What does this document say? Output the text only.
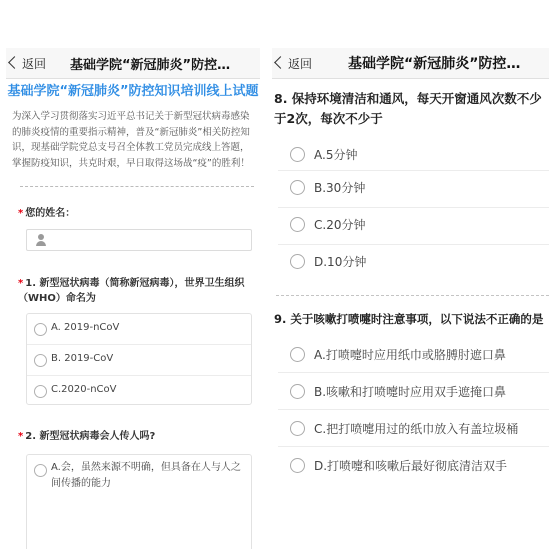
返回 基础学院“新冠肺炎”防控…
基础学院“新冠肺炎”防控知识培训线上试题
为深入学习贯彻落实习近平总书记关于新型冠状病毒感染的肺炎疫情的重要指示精神，普及“新冠肺炎”相关防控知识，现基础学院党总支号召全体教工党员完成线上答题，掌握防疫知识，共克时艰，早日取得这场战“疫”的胜利！
* 您的姓名：
* 1. 新型冠状病毒（简称新冠病毒），世界卫生组织（WHO）命名为
A. 2019-nCoV
B. 2019-CoV
C.2020-nCoV
* 2. 新型冠状病毒会人传人吗?
A.会，虽然来源不明确，但具备在人与人之间传播的能力
返回	基础学院“新冠肺炎”防控…
8. 保持环境清洁和通风，每天开窗通风次数不少于2次，每次不少于
A.5分钟
B.30分钟
C.20分钟
D.10分钟
9. 关于咳嗽打喷嚏时注意事项，以下说法不正确的是
A.打喷嚏时应用纸巾或胳膊肘遮口鼻
B.咳嗽和打喷嚏时应用双手遮掩口鼻
C.把打喷嚏用过的纸巾放入有盖垃圾桶
D.打喷嚏和咳嗽后最好彻底清洁双手
